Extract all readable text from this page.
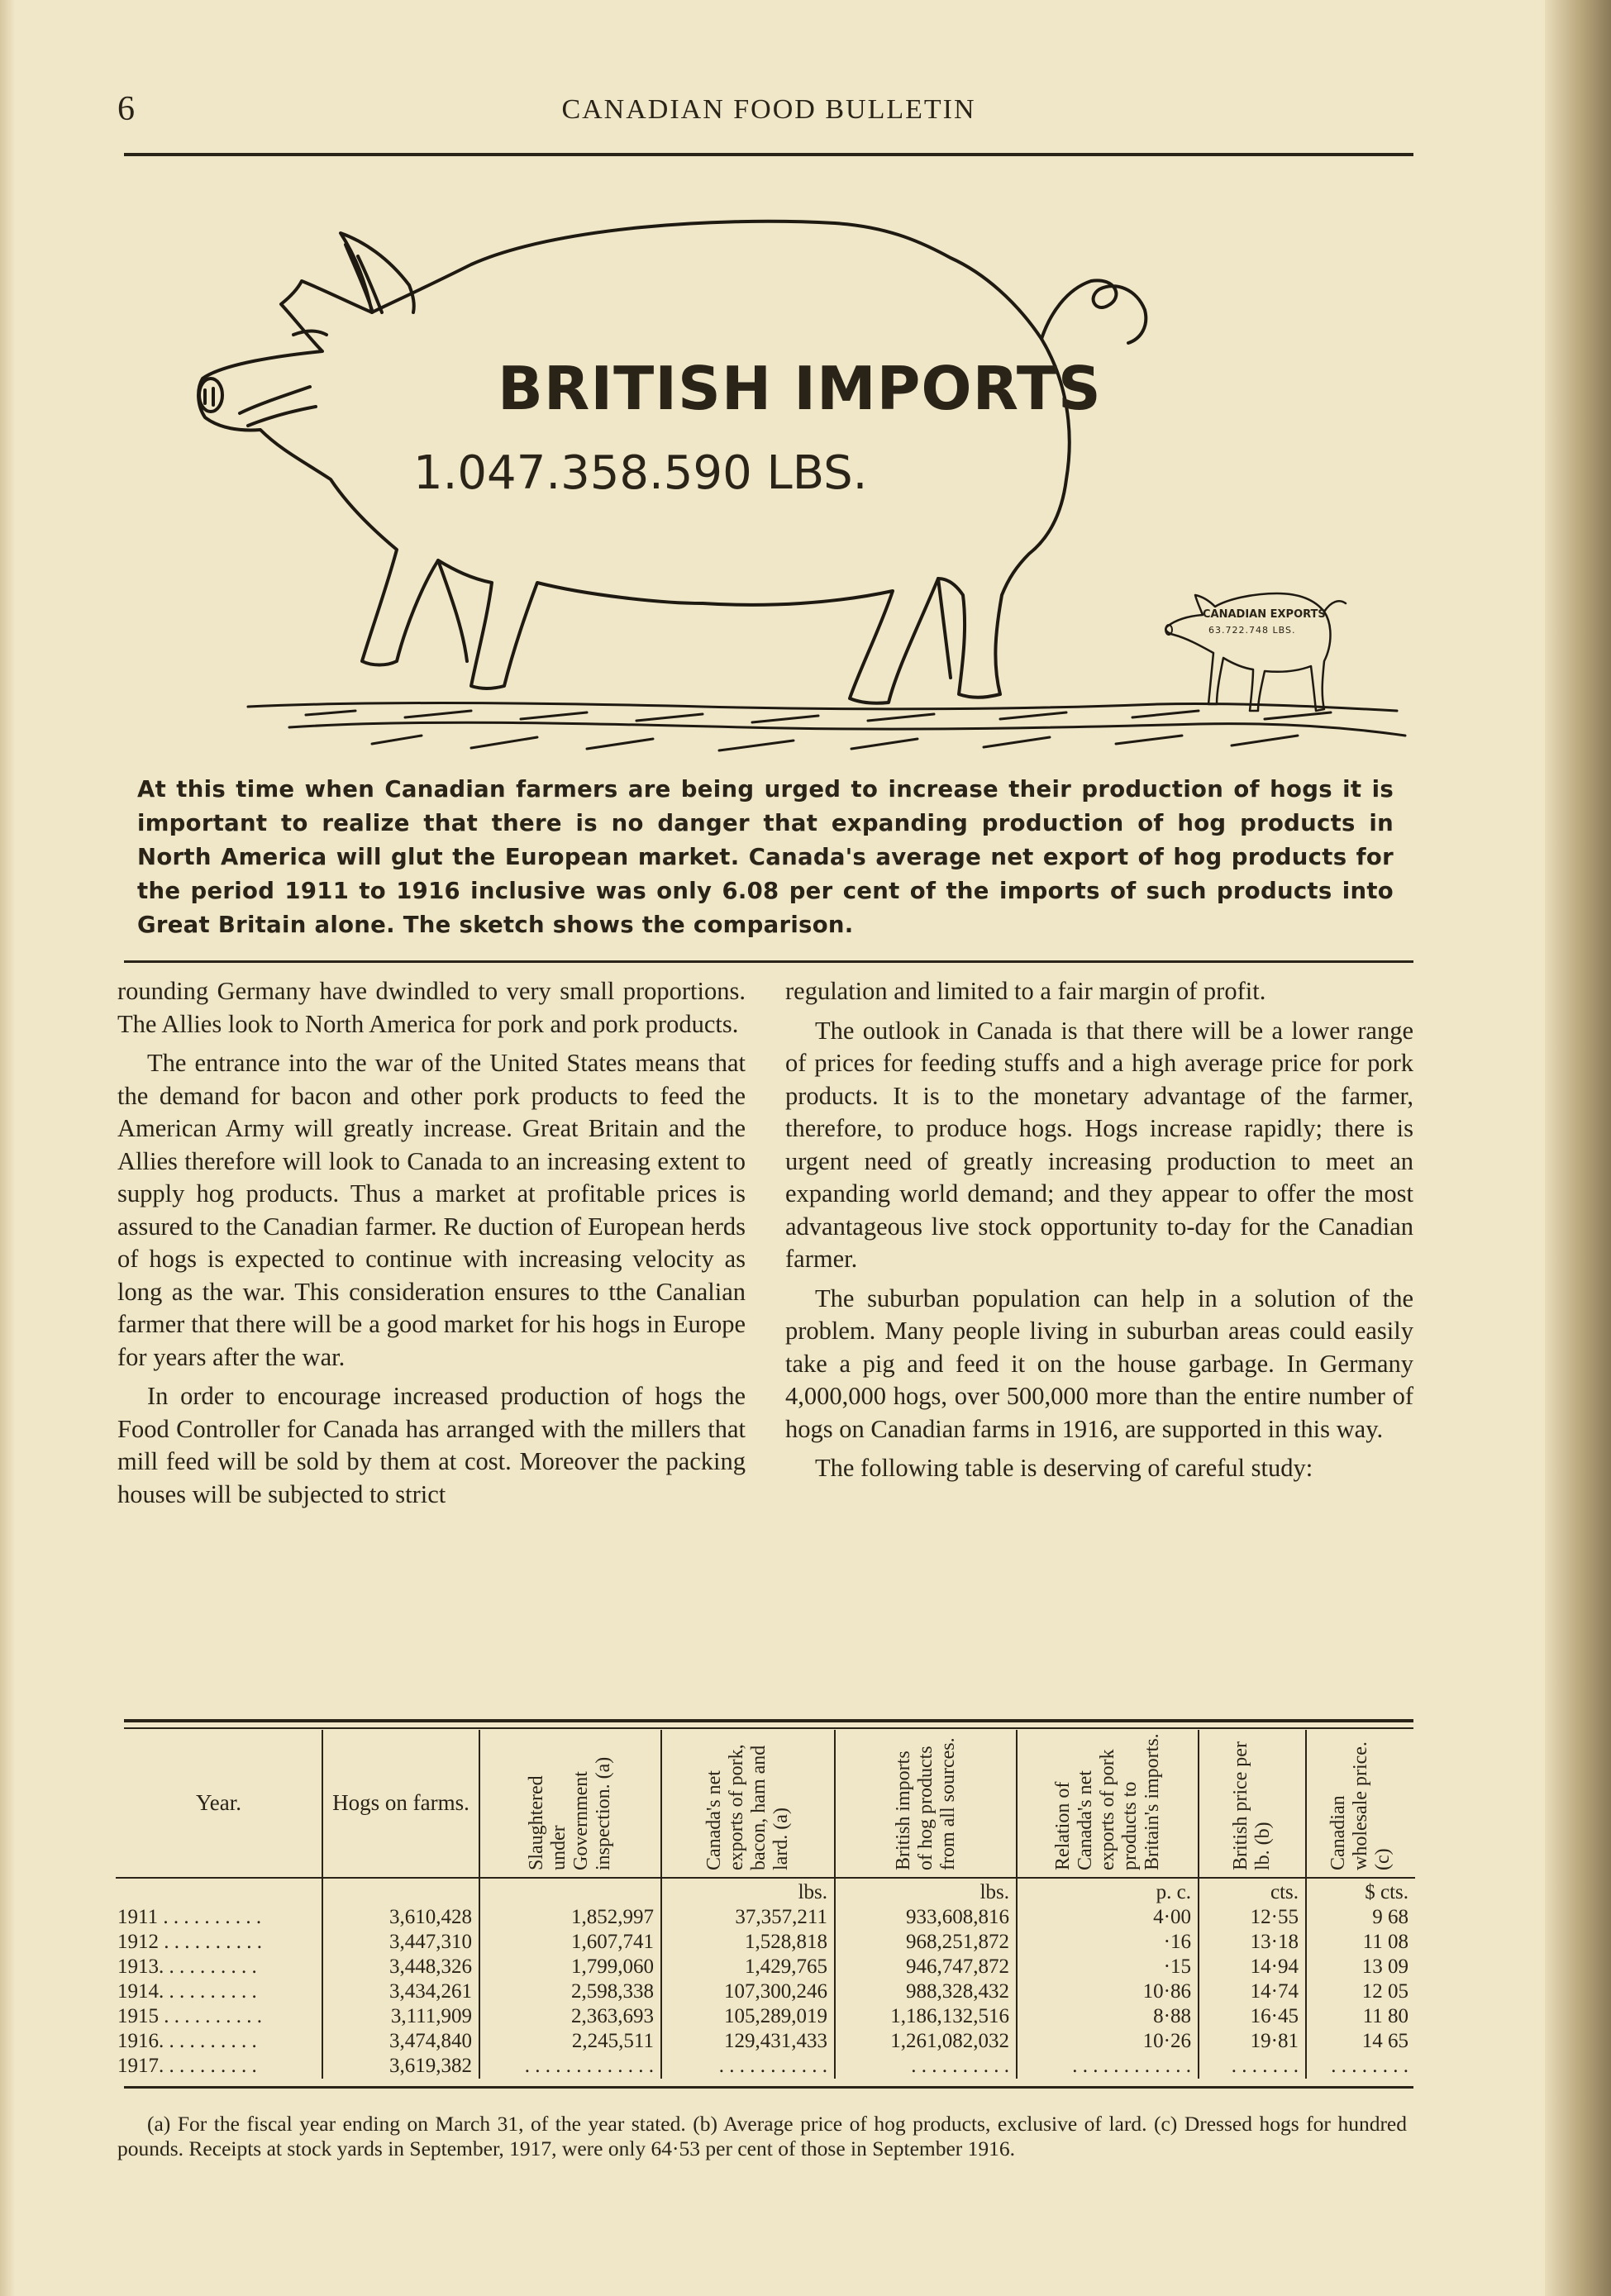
6	CANADIAN FOOD BULLETIN
BRITISH IMPORTS
1.047.358.590 LBS.
CANADIAN EXPORTS
63.722.748 LBS.
At this time when Canadian farmers are being urged to increase their production of hogs it is important to realize that there is no danger that expanding production of hog products in North America will glut the European market. Canada's average net export of hog products for the period 1911 to 1916 inclusive was only 6.08 per cent of the imports of such products into Great Britain alone. The sketch shows the comparison.

rounding Germany have dwindled to very small proportions. The Allies look to North America for pork and pork products.

The entrance into the war of the United States means that the demand for bacon and other pork products to feed the American Army will greatly increase. Great Britain and the Allies therefore will look to Canada to an increasing extent to supply hog products. Thus a market at profitable prices is assured to the Canadian farmer. Re duction of European herds of hogs is expected to continue with increasing velocity as long as the war. This consideration ensures to tthe Canalian farmer that there will be a good market for his hogs in Europe for years after the war.

In order to encourage increased production of hogs the Food Controller for Canada has arranged with the millers that mill feed will be sold by them at cost. Moreover the packing houses will be subjected to strict

regulation and limited to a fair margin of profit.

The outlook in Canada is that there will be a lower range of prices for feeding stuffs and a high average price for pork products. It is to the monetary advantage of the farmer, therefore, to produce hogs. Hogs increase rapidly; there is urgent need of greatly increasing production to meet an expanding world demand; and they appear to offer the most advantageous live stock opportunity to-day for the Canadian farmer.

The suburban population can help in a solution of the problem. Many people living in suburban areas could easily take a pig and feed it on the house garbage. In Germany 4,000,000 hogs, over 500,000 more than the entire number of hogs on Canadian farms in 1916, are supported in this way.

The following table is deserving of careful study:

Year.	Hogs on farms.	Slaughtered under Government inspection. (a)	Canada's net exports of pork, bacon, ham and lard. (a)	British imports of hog products from all sources.	Relation of Canada's net exports of pork products to Britain's imports.	British price per lb. (b)	Canadian wholesale price. (c)
			lbs.	lbs.	p. c.	cts.	$ cts.
1911 . . . . . . . . . .	3,610,428	1,852,997	37,357,211	933,608,816	4·00	12·55	9 68
1912 . . . . . . . . . .	3,447,310	1,607,741	1,528,818	968,251,872	·16	13·18	11 08
1913. . . . . . . . . .	3,448,326	1,799,060	1,429,765	946,747,872	·15	14·94	13 09
1914. . . . . . . . . .	3,434,261	2,598,338	107,300,246	988,328,432	10·86	14·74	12 05
1915 . . . . . . . . . .	3,111,909	2,363,693	105,289,019	1,186,132,516	8·88	16·45	11 80
1916. . . . . . . . . .	3,474,840	2,245,511	129,431,433	1,261,082,032	10·26	19·81	14 65
1917. . . . . . . . . .	3,619,382	. . . . . . . . . . . . .	. . . . . . . . . . .	. . . . . . . . . .	. . . . . . . . . . . .	. . . . . . .	. . . . . . . .
(a) For the fiscal year ending on March 31, of the year stated. (b) Average price of hog products, exclusive of lard. (c) Dressed hogs for hundred pounds. Receipts at stock yards in September, 1917, were only 64·53 per cent of those in September 1916.
